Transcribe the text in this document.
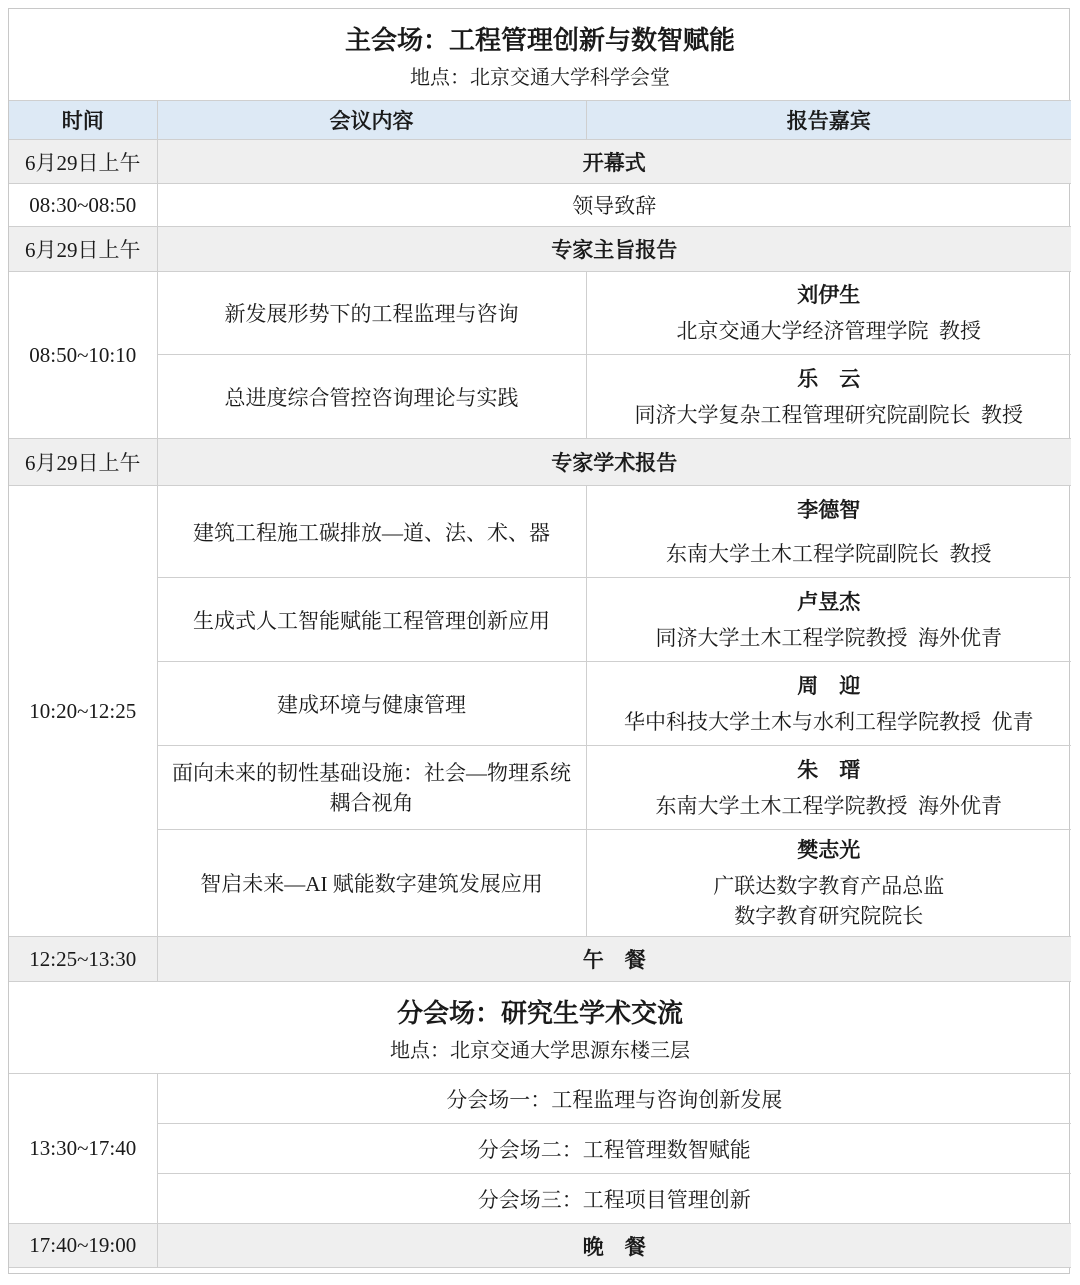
主会场：工程管理创新与数智赋能
地点：北京交通大学科学会堂		

时间	会议内容	报告嘉宾
6月29日上午	开幕式	
08:30~08:50	领导致辞	
6月29日上午	专家主旨报告	
08:50~10:10	新发展形势下的工程监理与咨询	刘伊生
北京交通大学经济管理学院  教授

	总进度综合管控咨询理论与实践	乐    云
同济大学复杂工程管理研究院副院长  教授

6月29日上午	专家学术报告	
10:20~12:25	建筑工程施工碳排放—道、法、术、器	李德智
东南大学土木工程学院副院长  教授

	生成式人工智能赋能工程管理创新应用	卢昱杰
同济大学土木工程学院教授  海外优青

	建成环境与健康管理	周    迎
华中科技大学土木与水利工程学院教授  优青

	面向未来的韧性基础设施：社会—物理系统耦合视角	朱    瑨
东南大学土木工程学院教授  海外优青

	智启未来—AI 赋能数字建筑发展应用	樊志光
广联达数字教育产品总监
数字教育研究院院长

12:25~13:30	午    餐	

分会场：研究生学术交流
地点：北京交通大学思源东楼三层		

13:30~17:40	分会场一：工程监理与咨询创新发展	
	分会场二：工程管理数智赋能	
	分会场三：工程项目管理创新	
17:40~19:00	晚    餐	
